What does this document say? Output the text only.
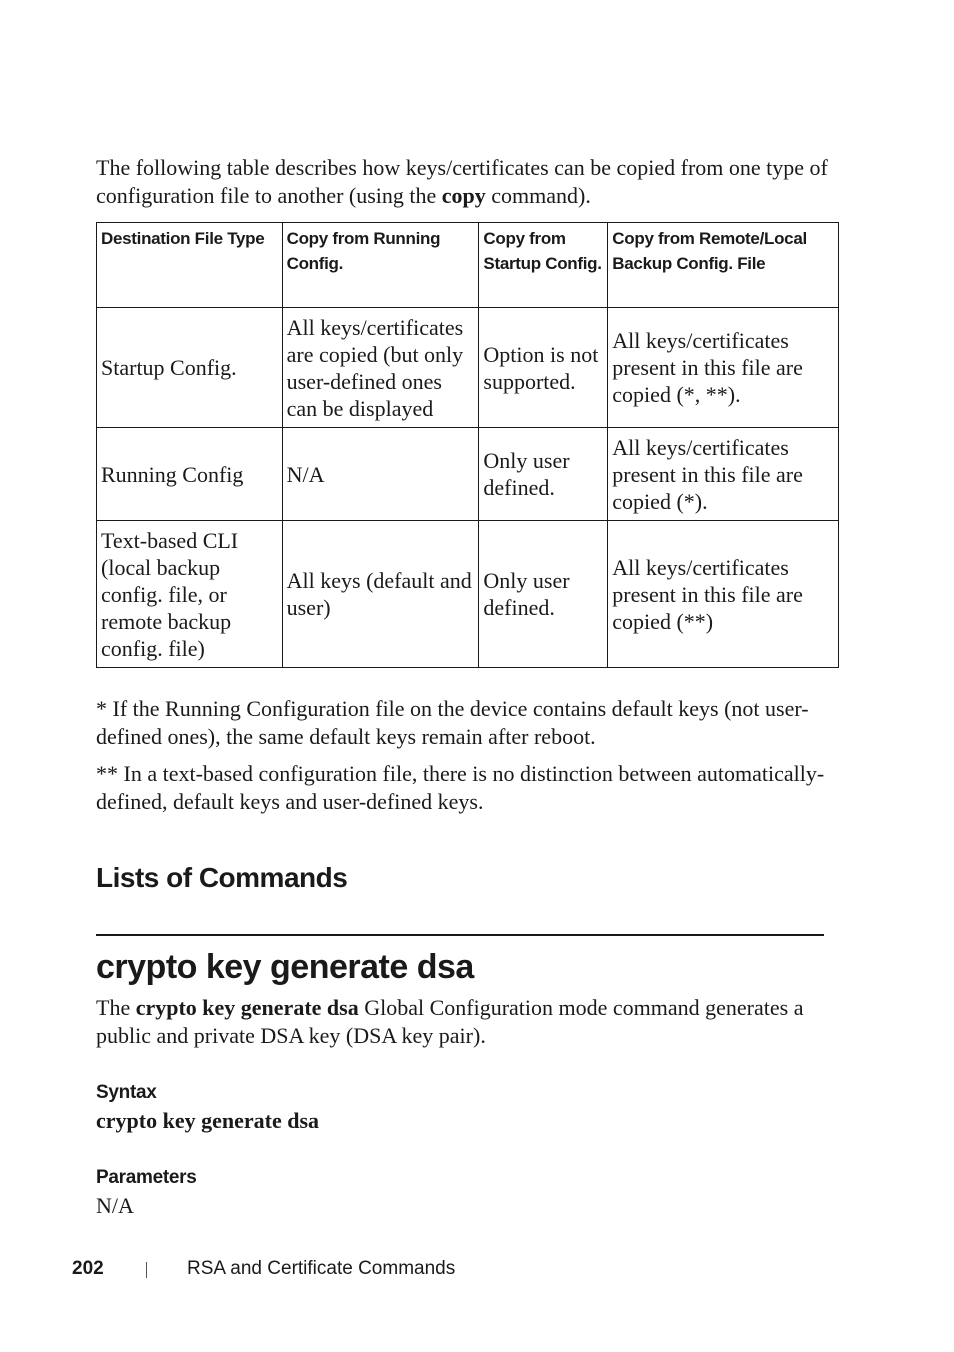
The following table describes how keys/certificates can be copied from one type of configuration file to another (using the copy command).

Destination File Type	Copy from Running Config.	Copy from Startup Config.	Copy from Remote/Local Backup Config. File
Startup Config.	All keys/certificates are copied (but only user-defined ones can be displayed	Option is not supported.	All keys/certificates present in this file are copied (*, **).
Running Config	N/A	Only user defined.	All keys/certificates present in this file are copied (*).
Text-based CLI (local backup config. file, or remote backup config. file)	All keys (default and user)	Only user defined.	All keys/certificates present in this file are copied (**)

* If the Running Configuration file on the device contains default keys (not user-defined ones), the same default keys remain after reboot.

** In a text-based configuration file, there is no distinction between automatically-defined, default keys and user-defined keys.

Lists of Commands
crypto key generate dsa

The crypto key generate dsa Global Configuration mode command generates a public and private DSA key (DSA key pair).

Syntax

crypto key generate dsa

Parameters

N/A

202	RSA and Certificate Commands
